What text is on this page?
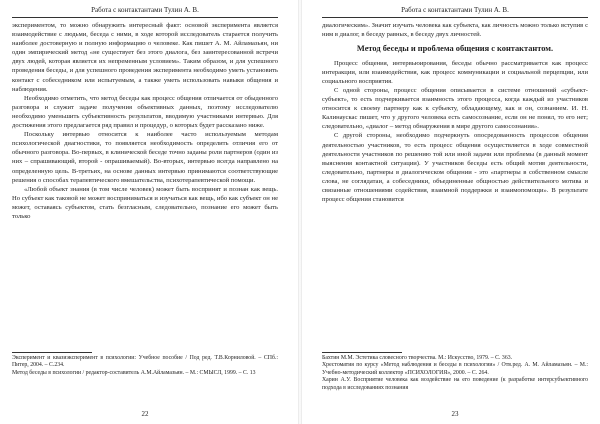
Работа с контактантами Тулин А. В.

экспериментом, то можно обнаружить интересный факт: основой эксперимента является взаимодействие с людьми, беседа с ними, в ходе которой исследователь старается получить наиболее достоверную и полную информацию о человеке. Как пишет А. М. Айламазьян, ни один эмпирический метод «не существует без этого диалога, без заинтересованной встречи двух людей, которая является их непременным условием». Таким образом, и для успешного проведения беседы, и для успешного проведения эксперимента необходимо уметь установить контакт с собеседником или испытуемым, а также уметь использовать навыки общения и наблюдения.

Необходимо отметить, что метод беседы как процесс общения отличается от обыденного разговора и служит задаче получения объективных данных, поэтому исследователю необходимо уменьшить субъективность результатов, вводимую участниками интервью. Для достижения этого предлагается ряд правил и процедур, о которых будет рассказано ниже.

Поскольку интервью относится к наиболее часто используемым методам психологической диагностики, то появляется необходимость определить отличия его от обычного разговора. Во-первых, в клинической беседе точно заданы роли партнеров (один из них – спрашивающий, второй - опрашиваемый). Во-вторых, интервью всегда направлено на определенную цель. В-третьих, на основе данных интервью принимаются соответствующие решения о способах терапевтического вмешательства, психотерапевтической помощи.

«Любой объект знания (в том числе человек) может быть воспринят и познан как вещь. Но субъект как таковой не может восприниматься и изучаться как вещь, ибо как субъект он не может, оставаясь субъектом, стать безгласным, следовательно, познание его может быть только

Эксперимент и квазиэксперимент в психологии: Учебное пособие / Под ред. Т.В.Корниловой. – СПб.: Питер, 2004. – С.234.

Метод беседы в психологии / редактор-составитель А.М.Айламазьян. – М.: СМЫСЛ, 1999. – С. 13

22
Работа с контактантами Тулин А. В.

диалогическим». Значит изучать человека как субъекта, как личность можно только вступив с ним в диалог, в беседу равных, в беседу двух личностей.

Метод беседы и проблема общения с контактантом.

Процесс общения, интервьюирования, беседы обычно рассматривается как процесс интеракции, или взаимодействия, как процесс коммуникации и социальной перцепции, или социального восприятия.

С одной стороны, процесс общения описывается в системе отношений «субъект-субъект», то есть подчеркивается взаимность этого процесса, когда каждый из участников относится к своему партнеру как к субъекту, обладающему, как и он, сознанием. И. Н. Калинаускас пишет, что у другого человека есть самосознание, если он не понял, то его нет; следовательно, «диалог – метод обнаружения в мире другого самосознания».

С другой стороны, необходимо подчеркнуть опосредованность процессов общения деятельностью участников, то есть процесс общения осуществляется в ходе совместной деятельности участников по решению той или иной задачи или проблемы (в данный момент выяснения контактной ситуации). У участников беседы есть общий мотив деятельности, следовательно, партнеры в диалогическом общении - это «партнеры в собственном смысле слова, не соглядатаи, а собеседники, объединенные общностью действительного мотива и связанные отношениями содействия, взаимной поддержки и взаимопомощи». В результате процесс общения становится

Бахтин М.М. Эстетика словесного творчества. М.: Искусство, 1979. – С. 363.

Хрестоматия по курсу «Метод наблюдения и беседы в психологии» / Отв.ред. А. М. Айламазьян. – М.: Учебно-методический коллектор «ПСИХОЛОГИЯ», 2000. – С. 264.

Харин А.У. Восприятие человека как воздействие на его поведение (к разработке интерсубъективного подхода в исследованиях познания

23
